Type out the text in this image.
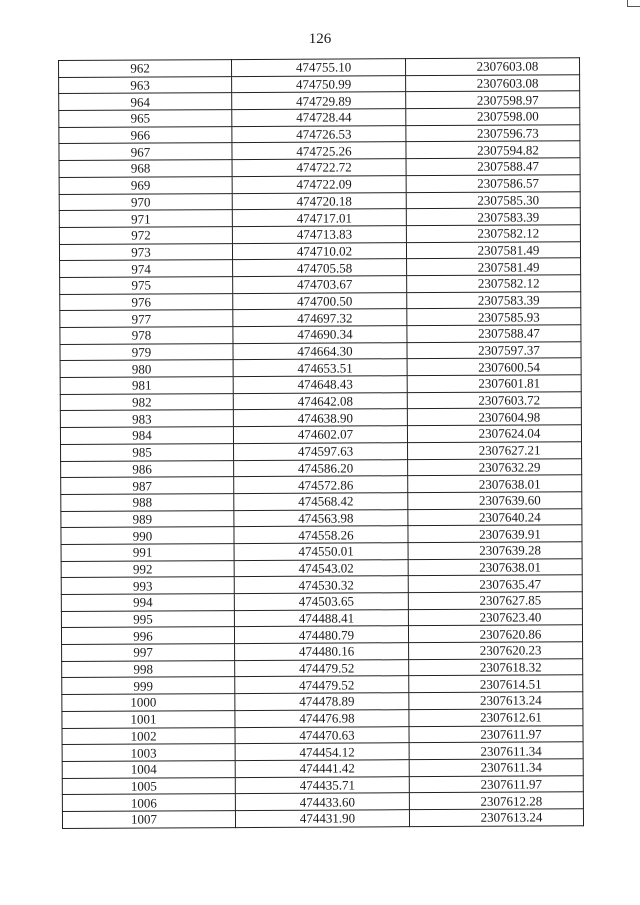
126
962	474755.10	2307603.08
963	474750.99	2307603.08
964	474729.89	2307598.97
965	474728.44	2307598.00
966	474726.53	2307596.73
967	474725.26	2307594.82
968	474722.72	2307588.47
969	474722.09	2307586.57
970	474720.18	2307585.30
971	474717.01	2307583.39
972	474713.83	2307582.12
973	474710.02	2307581.49
974	474705.58	2307581.49
975	474703.67	2307582.12
976	474700.50	2307583.39
977	474697.32	2307585.93
978	474690.34	2307588.47
979	474664.30	2307597.37
980	474653.51	2307600.54
981	474648.43	2307601.81
982	474642.08	2307603.72
983	474638.90	2307604.98
984	474602.07	2307624.04
985	474597.63	2307627.21
986	474586.20	2307632.29
987	474572.86	2307638.01
988	474568.42	2307639.60
989	474563.98	2307640.24
990	474558.26	2307639.91
991	474550.01	2307639.28
992	474543.02	2307638.01
993	474530.32	2307635.47
994	474503.65	2307627.85
995	474488.41	2307623.40
996	474480.79	2307620.86
997	474480.16	2307620.23
998	474479.52	2307618.32
999	474479.52	2307614.51
1000	474478.89	2307613.24
1001	474476.98	2307612.61
1002	474470.63	2307611.97
1003	474454.12	2307611.34
1004	474441.42	2307611.34
1005	474435.71	2307611.97
1006	474433.60	2307612.28
1007	474431.90	2307613.24
